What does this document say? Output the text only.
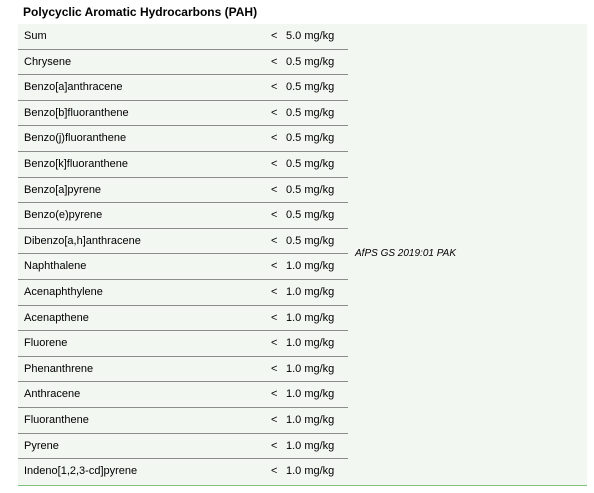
Polycyclic Aromatic Hydrocarbons (PAH)
Sum	< 5.0 mg/kg
Chrysene	< 0.5 mg/kg
Benzo[a]anthracene	< 0.5 mg/kg
Benzo[b]fluoranthene	< 0.5 mg/kg
Benzo(j)fluoranthene	< 0.5 mg/kg
Benzo[k]fluoranthene	< 0.5 mg/kg
Benzo[a]pyrene	< 0.5 mg/kg
Benzo(e)pyrene	< 0.5 mg/kg
Dibenzo[a,h]anthracene	< 0.5 mg/kg
Naphthalene	< 1.0 mg/kg
Acenaphthylene	< 1.0 mg/kg
Acenapthene	< 1.0 mg/kg
Fluorene	< 1.0 mg/kg
Phenanthrene	< 1.0 mg/kg
Anthracene	< 1.0 mg/kg
Fluoranthene	< 1.0 mg/kg
Pyrene	< 1.0 mg/kg
Indeno[1,2,3-cd]pyrene	< 1.0 mg/kg
AfPS GS 2019:01 PAK
